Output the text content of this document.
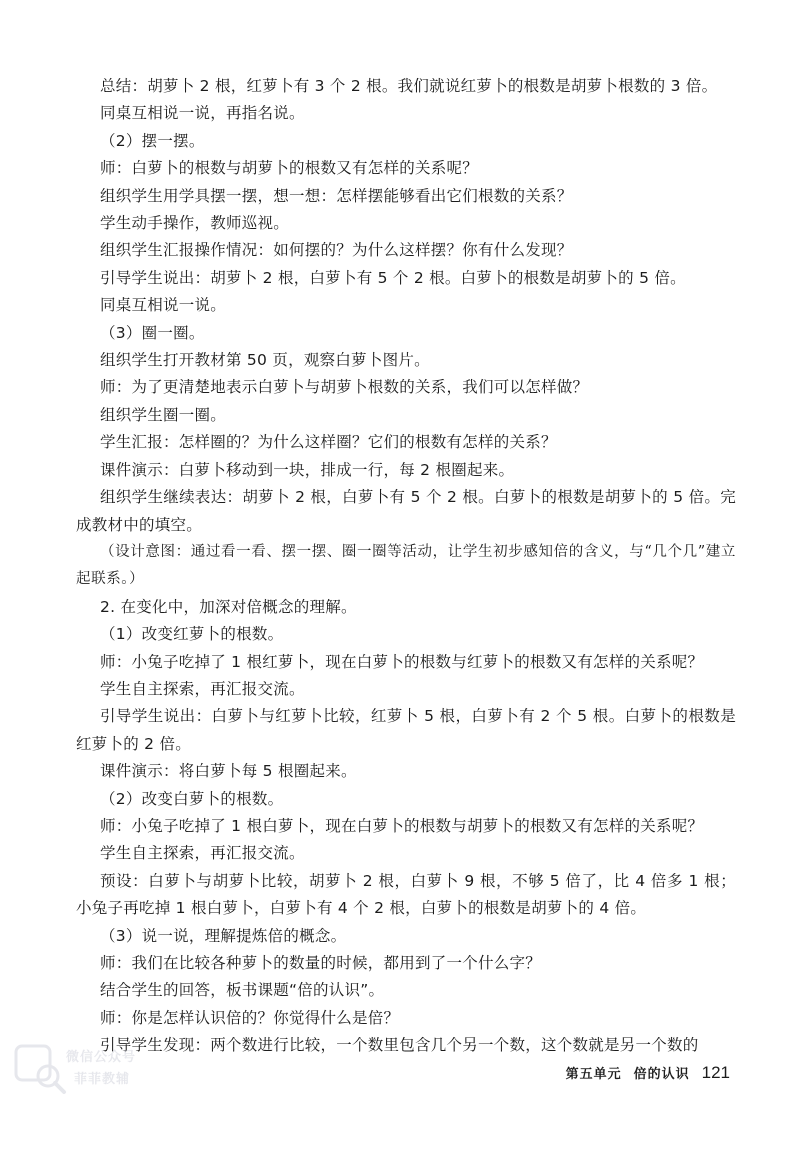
总结：胡萝卜 2 根，红萝卜有 3 个 2 根。我们就说红萝卜的根数是胡萝卜根数的 3 倍。

同桌互相说一说，再指名说。

（2）摆一摆。

师：白萝卜的根数与胡萝卜的根数又有怎样的关系呢？

组织学生用学具摆一摆，想一想：怎样摆能够看出它们根数的关系？

学生动手操作，教师巡视。

组织学生汇报操作情况：如何摆的？为什么这样摆？你有什么发现？

引导学生说出：胡萝卜 2 根，白萝卜有 5 个 2 根。白萝卜的根数是胡萝卜的 5 倍。

同桌互相说一说。

（3）圈一圈。

组织学生打开教材第 50 页，观察白萝卜图片。

师：为了更清楚地表示白萝卜与胡萝卜根数的关系，我们可以怎样做？

组织学生圈一圈。

学生汇报：怎样圈的？为什么这样圈？它们的根数有怎样的关系？

课件演示：白萝卜移动到一块，排成一行，每 2 根圈起来。

组织学生继续表达：胡萝卜 2 根，白萝卜有 5 个 2 根。白萝卜的根数是胡萝卜的 5 倍。完成教材中的填空。

（设计意图：通过看一看、摆一摆、圈一圈等活动，让学生初步感知倍的含义，与“几个几”建立起联系。）

2. 在变化中，加深对倍概念的理解。

（1）改变红萝卜的根数。

师：小兔子吃掉了 1 根红萝卜，现在白萝卜的根数与红萝卜的根数又有怎样的关系呢？

学生自主探索，再汇报交流。

引导学生说出：白萝卜与红萝卜比较，红萝卜 5 根，白萝卜有 2 个 5 根。白萝卜的根数是红萝卜的 2 倍。

课件演示：将白萝卜每 5 根圈起来。

（2）改变白萝卜的根数。

师：小兔子吃掉了 1 根白萝卜，现在白萝卜的根数与胡萝卜的根数又有怎样的关系呢？

学生自主探索，再汇报交流。

预设：白萝卜与胡萝卜比较，胡萝卜 2 根，白萝卜 9 根，不够 5 倍了，比 4 倍多 1 根；小兔子再吃掉 1 根白萝卜，白萝卜有 4 个 2 根，白萝卜的根数是胡萝卜的 4 倍。

（3）说一说，理解提炼倍的概念。

师：我们在比较各种萝卜的数量的时候，都用到了一个什么字？

结合学生的回答，板书课题“倍的认识”。

师：你是怎样认识倍的？你觉得什么是倍？

引导学生发现：两个数进行比较，一个数里包含几个另一个数，这个数就是另一个数的

微信公众号
菲菲教辅	第五单元 倍的认识 121
